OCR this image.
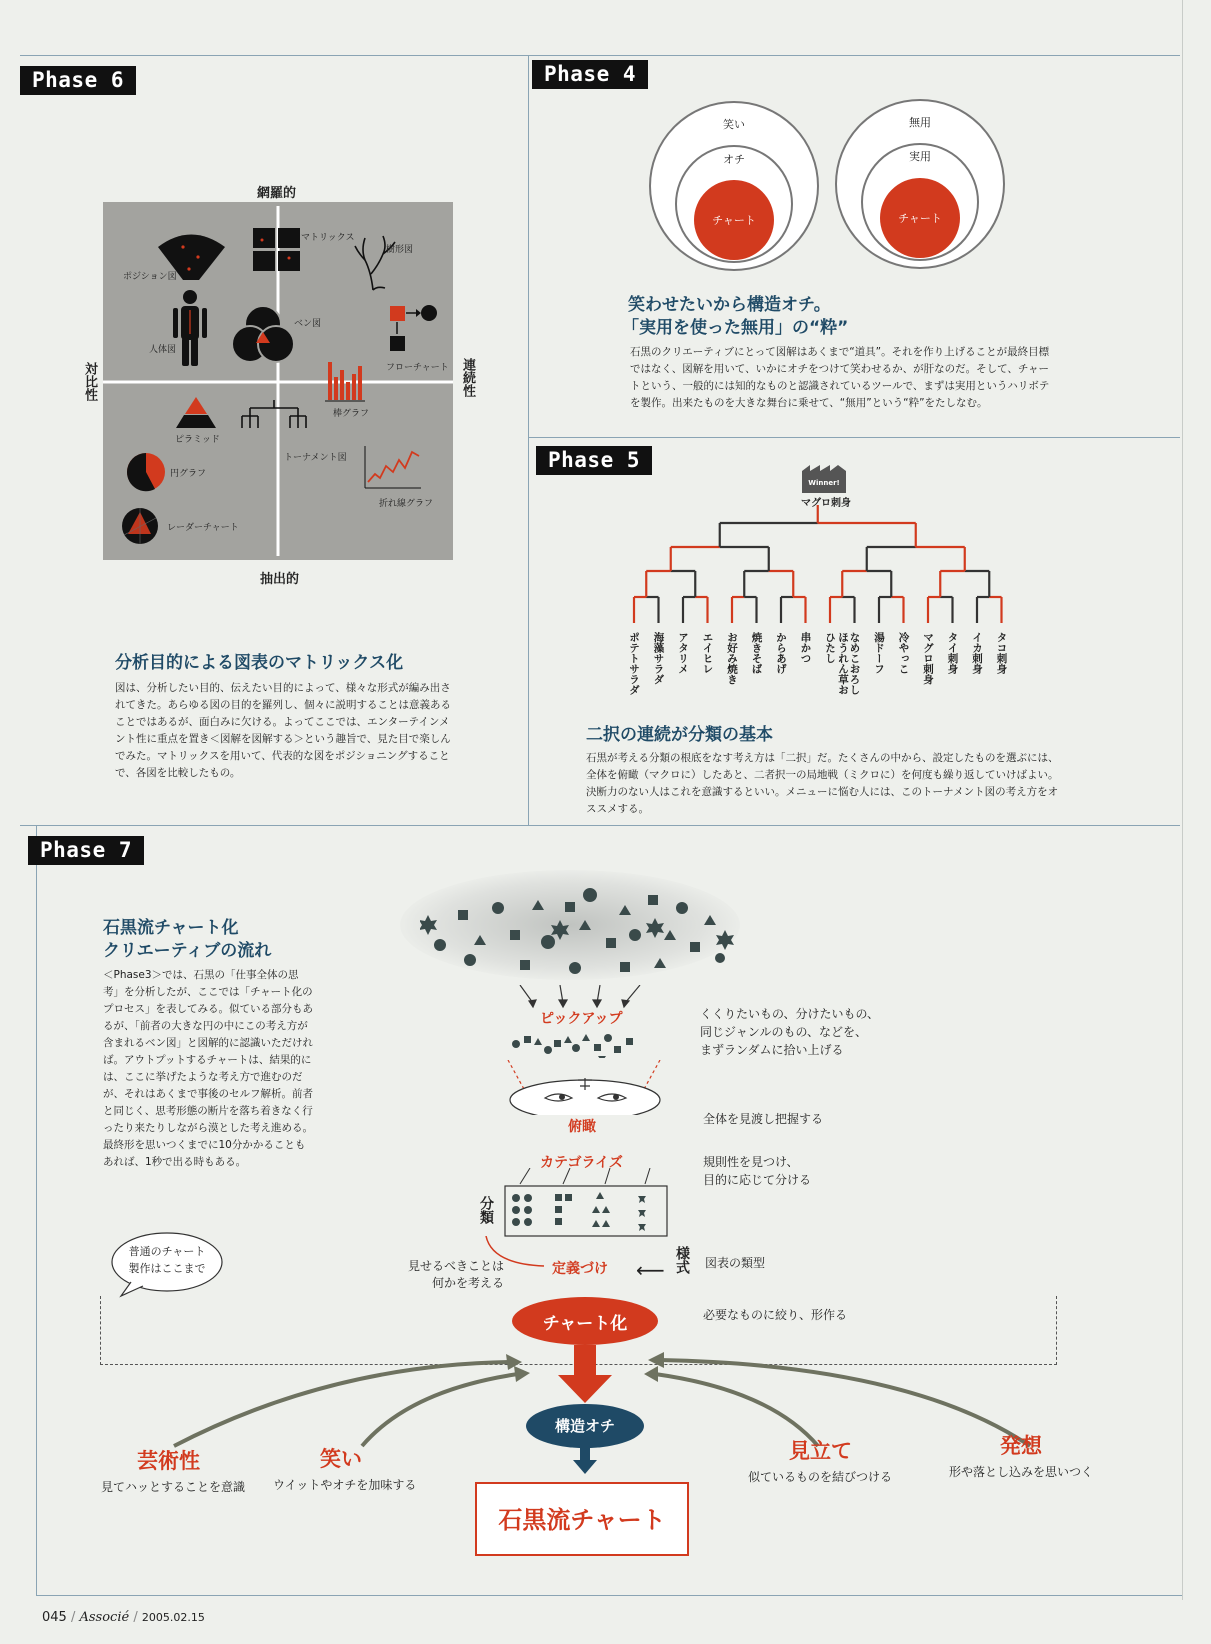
Phase 6
網羅的
抽出的
対比性	連続性
マトリックス
樹形図
ポジション図
ベン図
人体図
フローチャート
棒グラフ
ピラミッド
トーナメント図
円グラフ
折れ線グラフ
レーダーチャート
分析目的による図表のマトリックス化
図は、分析したい目的、伝えたい目的によって、様々な形式が編み出されてきた。あらゆる図の目的を羅列し、個々に説明することは意義あることではあるが、面白みに欠ける。よってここでは、エンターテインメント性に重点を置き＜図解を図解する＞という趣旨で、見た目で楽しんでみた。マトリックスを用いて、代表的な図をポジショニングすることで、各図を比較したもの。
Phase 4
笑い
オチ
チャート
無用
実用
チャート
笑わせたいから構造オチ。
「実用を使った無用」の“粋”
石黒のクリエーティブにとって図解はあくまで“道具”。それを作り上げることが最終目標ではなく、図解を用いて、いかにオチをつけて笑わせるか、が肝なのだ。そして、チャートという、一般的には知的なものと認識されているツールで、まずは実用というハリボテを製作。出来たものを大きな舞台に乗せて、“無用”という“粋”をたしなむ。
Phase 5
Winner!
マグロ刺身
ポテトサラダ 海藻サラダ アタリメ エイヒレ お好み焼き 焼きそば からあげ 串かつ	ほうれん草おひたし	なめこおろし 湯ドーフ 冷やっこ マグロ刺身 タイ刺身 イカ刺身 タコ刺身
二択の連続が分類の基本
石黒が考える分類の根底をなす考え方は「二択」だ。たくさんの中から、設定したものを選ぶには、全体を俯瞰（マクロに）したあと、二者択一の局地戦（ミクロに）を何度も繰り返していけばよい。決断力のない人はこれを意識するといい。メニューに悩む人には、このトーナメント図の考え方をオススメする。
Phase 7
石黒流チャート化
クリエーティブの流れ
＜Phase3＞では、石黒の「仕事全体の思考」を分析したが、ここでは「チャート化のプロセス」を表してみる。似ている部分もあるが、「前者の大きな円の中にこの考え方が含まれるベン図」と図解的に認識いただければ。アウトプットするチャートは、結果的には、ここに挙げたような考え方で進むのだが、それはあくまで事後のセルフ解析。前者と同じく、思考形態の断片を落ち着きなく行ったり来たりしながら漠とした考え進める。最終形を思いつくまでに10分かかることもあれば、1秒で出る時もある。
ピックアップ	くくりたいもの、分けたいもの、
同じジャンルのもの、などを、
まずランダムに拾い上げる
俯瞰	全体を見渡し把握する
カテゴライズ	規則性を見つけ、
目的に応じて分ける
分類
定義づけ
見せるべきことは
何かを考える
⟵ 様式 図表の類型
普通のチャート
製作はここまで
チャート化	必要なものに絞り、形作る
構造オチ
石黒流チャート
芸術性
見てハッとすることを意識
笑い
ウイットやオチを加味する
見立て
似ているものを結びつける
発想
形や落とし込みを思いつく
045 / Associé / 2005.02.15
